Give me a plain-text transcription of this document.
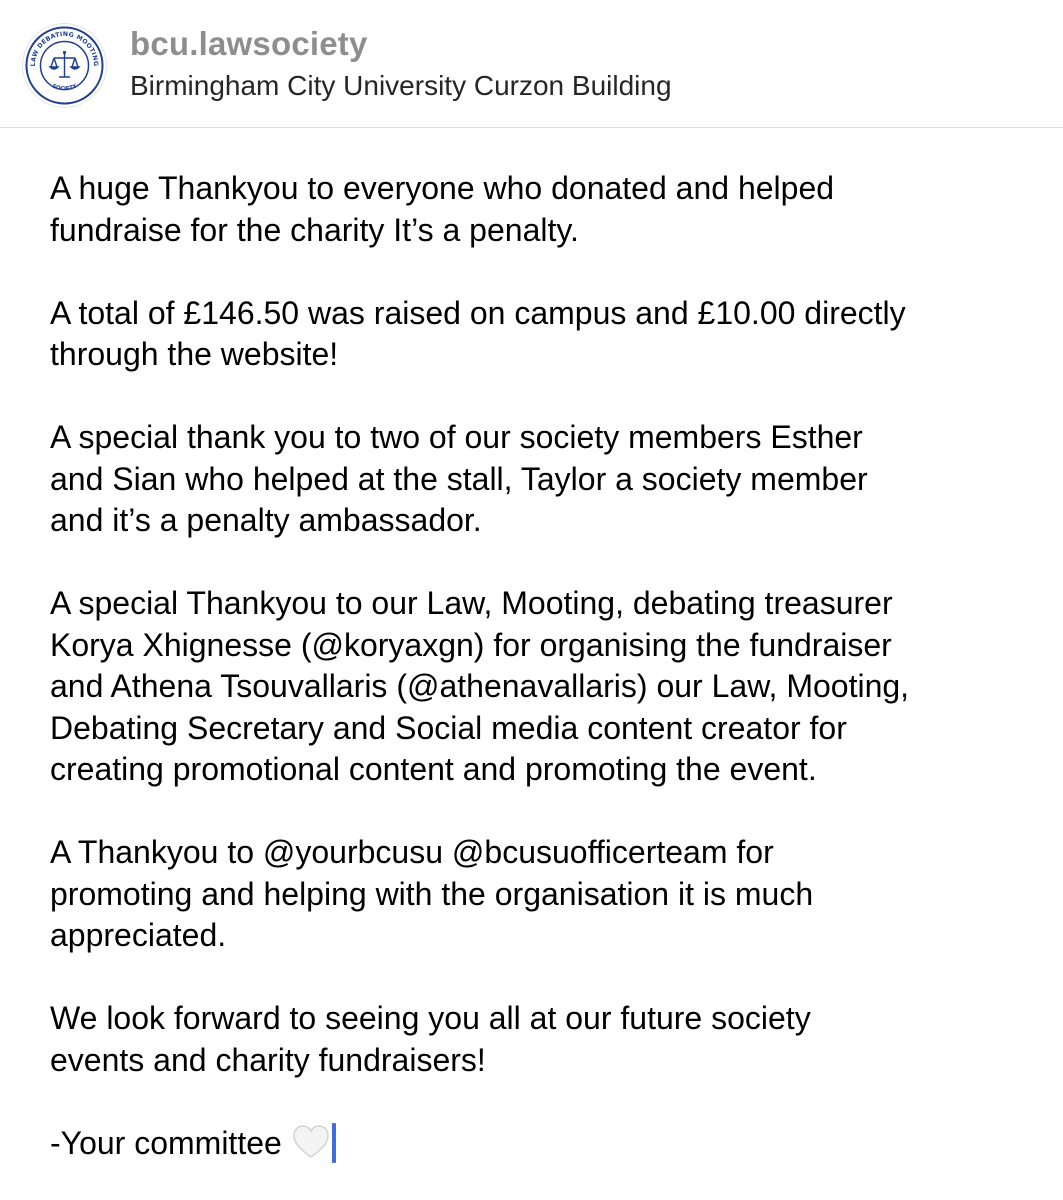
LAW DEBATING MOOTING
SOCIETY
bcu.lawsociety
Birmingham City University Curzon Building

A huge Thankyou to everyone who donated and helped
fundraise for the charity It’s a penalty.

A total of £146.50 was raised on campus and £10.00 directly
through the website!

A special thank you to two of our society members Esther
and Sian who helped at the stall, Taylor a society member
and it’s a penalty ambassador.

A special Thankyou to our Law, Mooting, debating treasurer
Korya Xhignesse (@koryaxgn) for organising the fundraiser
and Athena Tsouvallaris (@athenavallaris) our Law, Mooting,
Debating Secretary and Social media content creator for
creating promotional content and promoting the event.

A Thankyou to @yourbcusu @bcusuofficerteam for
promoting and helping with the organisation it is much
appreciated.

We look forward to seeing you all at our future society
events and charity fundraisers!

-Your committee
